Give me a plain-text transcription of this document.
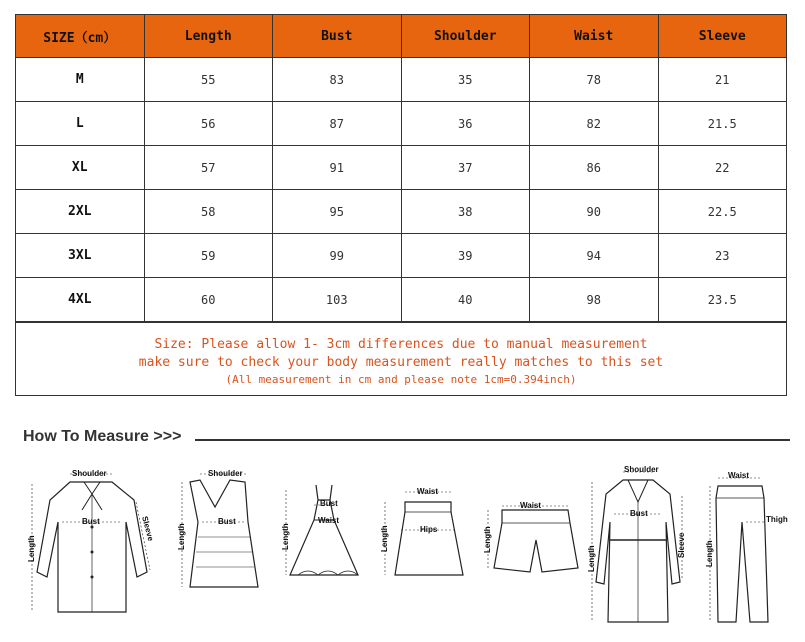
SIZE（cm）	Length	Bust	Shoulder	Waist	Sleeve
M	55	83	35	78	21
L	56	87	36	82	21.5
XL	57	91	37	86	22
2XL	58	95	38	90	22.5
3XL	59	99	39	94	23
4XL	60	103	40	98	23.5
Size: Please allow 1- 3cm differences due to manual measurement
make sure to check your body measurement really matches to this set
(All measurement in cm and please note 1cm=0.394inch)
How To Measure >>>
Shoulder
Bust
Length
Sleeve
Shoulder
Bust
Length
Bust
Waist
Length
Waist
Hips
Length
Waist
Length
Shoulder
Bust
Length
Sleeve
Waist
Thigh
Length
